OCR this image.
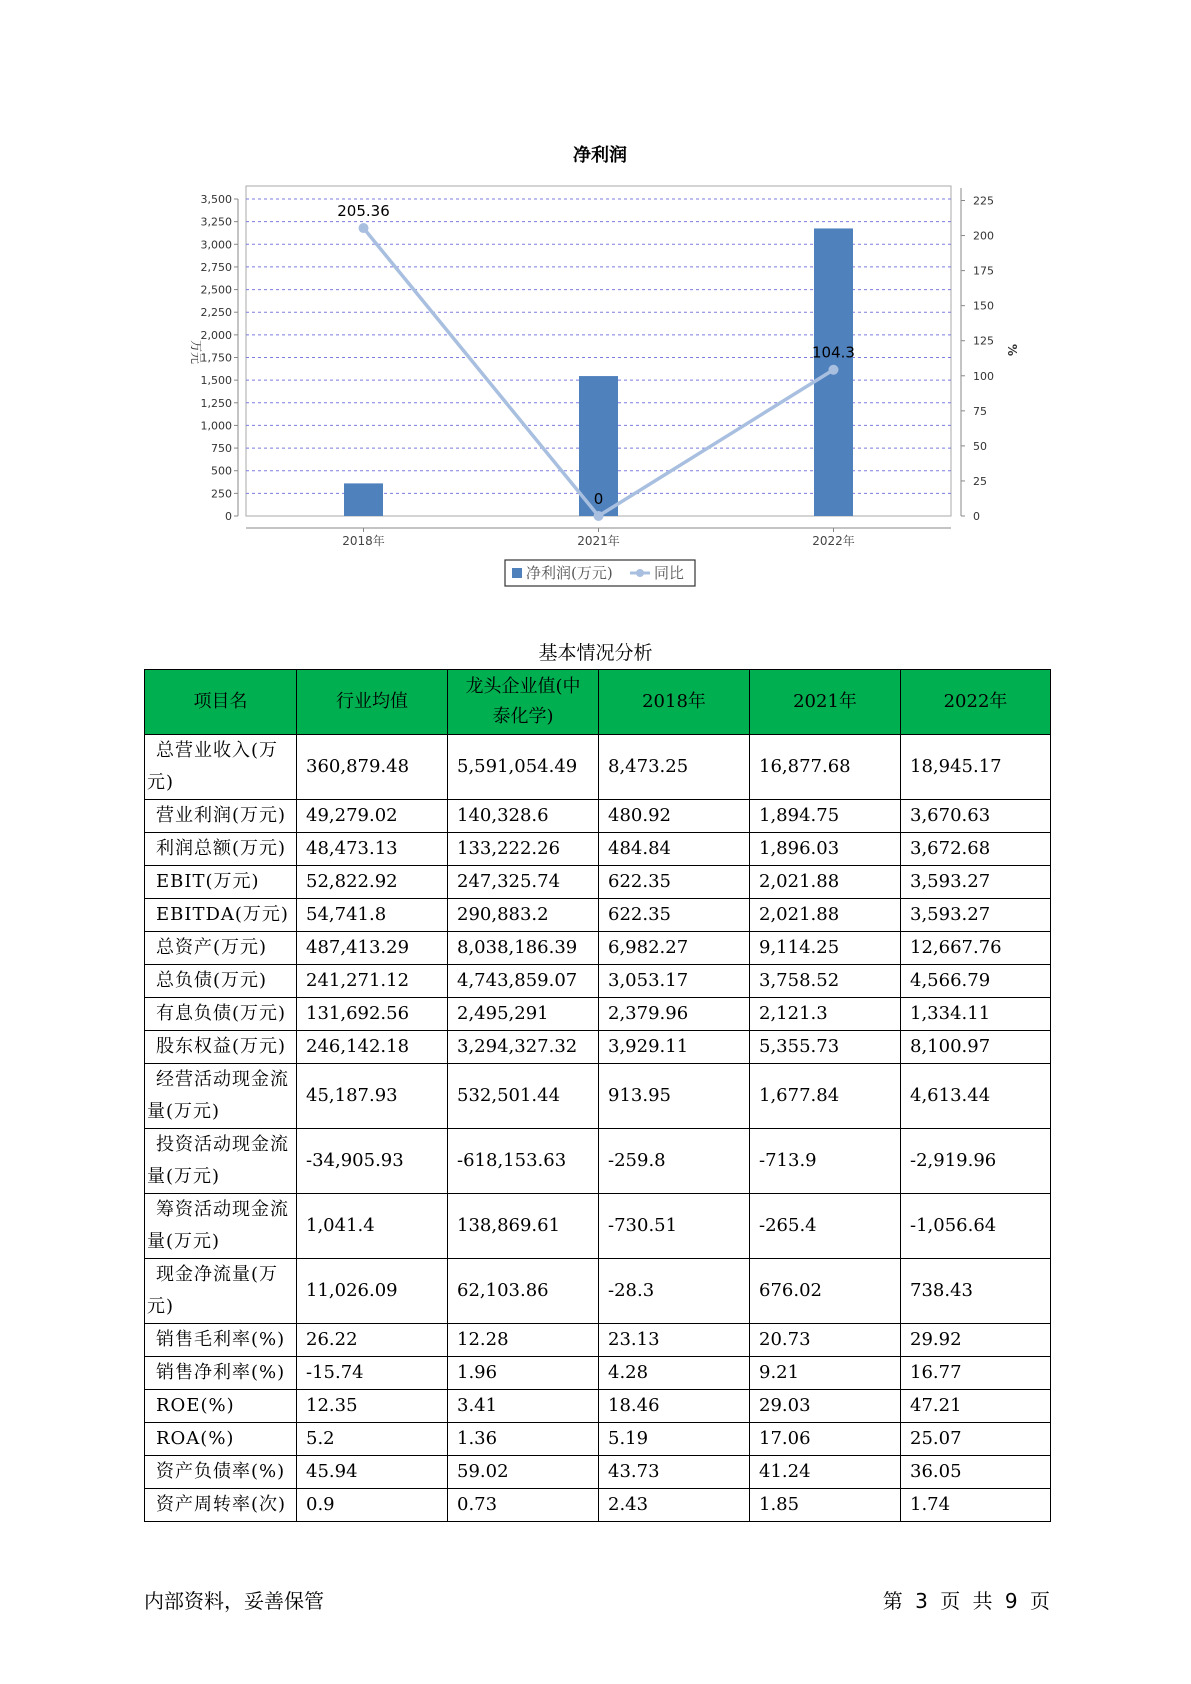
净利润
0
250
500
750
1,000
1,250
1,500
1,750
2,000
2,250
2,500
2,750
3,000
3,250
3,500
0
25
50
75
100
125
150
175
200
225
万元	%
2018年	2021年	2022年
205.36
0
104.3
净利润(万元)	同比
基本情况分析
项目名	行业均值	龙头企业值(中泰化学)	2018年	2021年	2022年
总营业收入(万元)	360,879.48	5,591,054.49	8,473.25	16,877.68	18,945.17
营业利润(万元)	49,279.02	140,328.6	480.92	1,894.75	3,670.63
利润总额(万元)	48,473.13	133,222.26	484.84	1,896.03	3,672.68
EBIT(万元)	52,822.92	247,325.74	622.35	2,021.88	3,593.27
EBITDA(万元)	54,741.8	290,883.2	622.35	2,021.88	3,593.27
总资产(万元)	487,413.29	8,038,186.39	6,982.27	9,114.25	12,667.76
总负债(万元)	241,271.12	4,743,859.07	3,053.17	3,758.52	4,566.79
有息负债(万元)	131,692.56	2,495,291	2,379.96	2,121.3	1,334.11
股东权益(万元)	246,142.18	3,294,327.32	3,929.11	5,355.73	8,100.97
经营活动现金流量(万元)	45,187.93	532,501.44	913.95	1,677.84	4,613.44
投资活动现金流量(万元)	-34,905.93	-618,153.63	-259.8	-713.9	-2,919.96
筹资活动现金流量(万元)	1,041.4	138,869.61	-730.51	-265.4	-1,056.64
现金净流量(万元)	11,026.09	62,103.86	-28.3	676.02	738.43
销售毛利率(%)	26.22	12.28	23.13	20.73	29.92
销售净利率(%)	-15.74	1.96	4.28	9.21	16.77
ROE(%)	12.35	3.41	18.46	29.03	47.21
ROA(%)	5.2	1.36	5.19	17.06	25.07
资产负债率(%)	45.94	59.02	43.73	41.24	36.05
资产周转率(次)	0.9	0.73	2.43	1.85	1.74
内部资料，妥善保管	第 3 页 共 9 页
